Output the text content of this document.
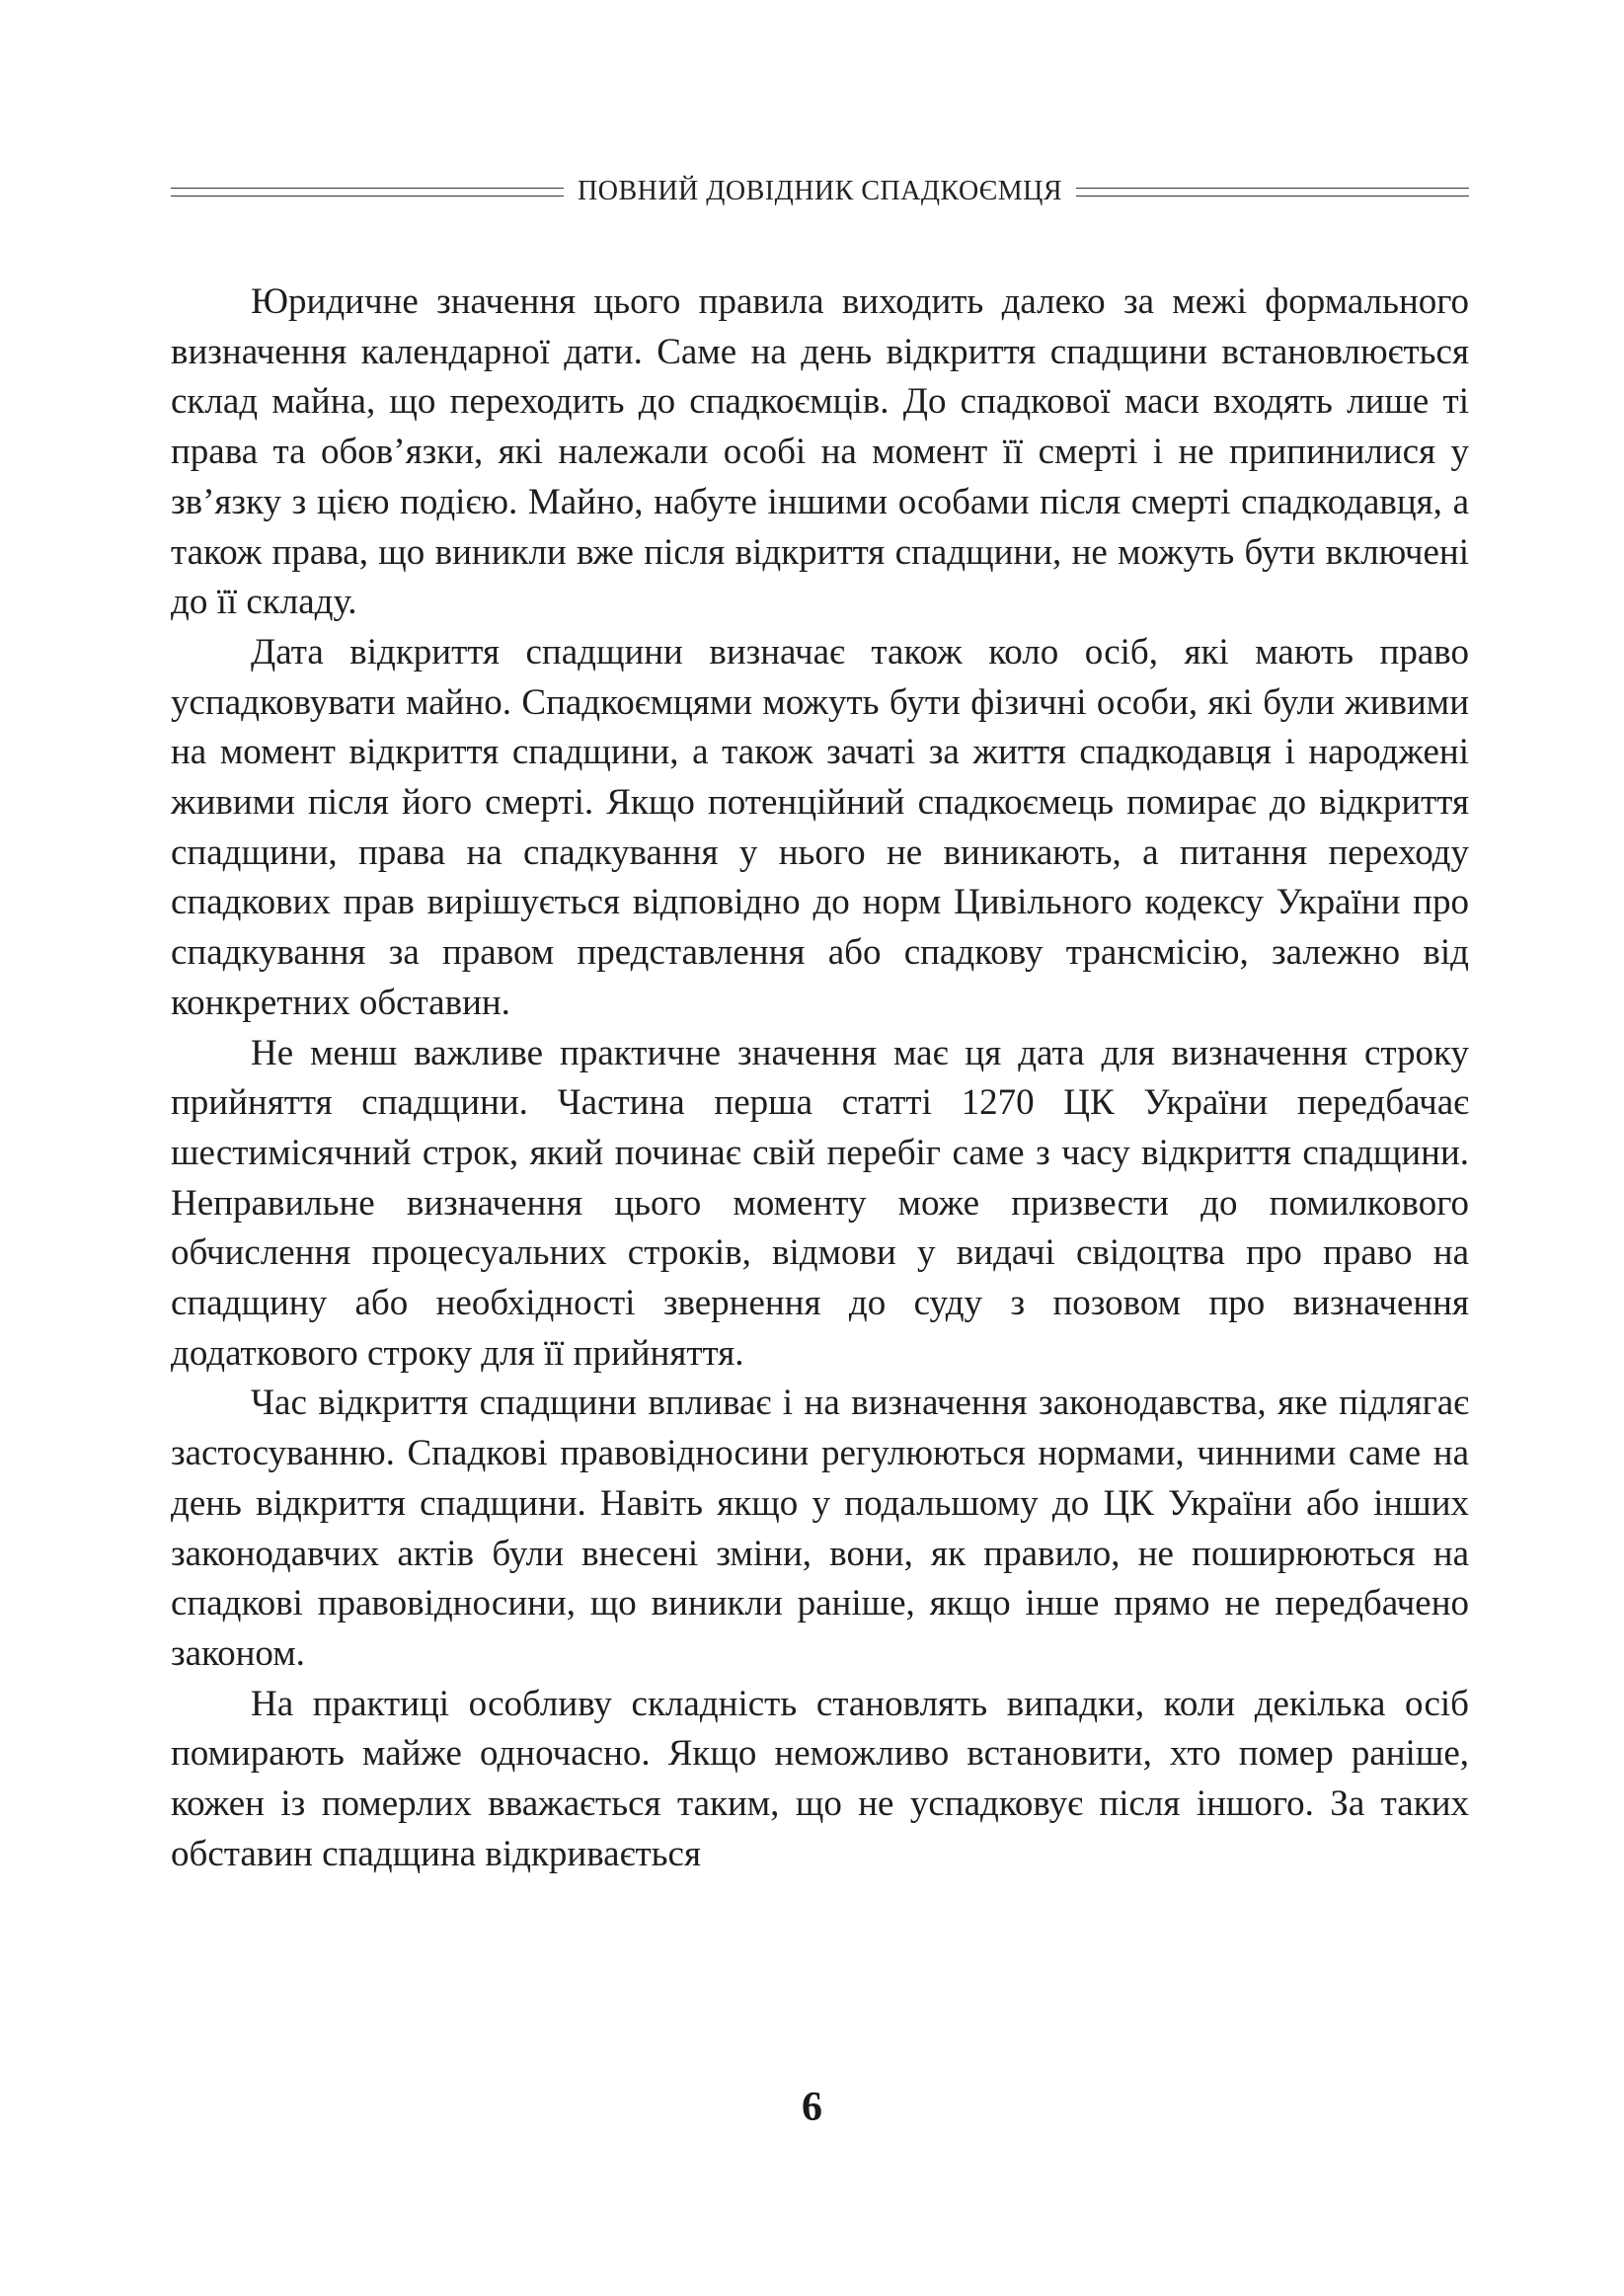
ПОВНИЙ ДОВІДНИК СПАДКОЄМЦЯ

Юридичне значення цього правила виходить далеко за межі формального визначення календарної дати. Саме на день відкриття спадщини встановлюється склад майна, що переходить до спадкоємців. До спадкової маси входять лише ті права та обов’язки, які належали особі на момент її смерті і не припинилися у зв’язку з цією подією. Майно, набуте іншими особами після смерті спадкодавця, а також права, що виникли вже після відкриття спадщини, не можуть бути включені до її складу.

Дата відкриття спадщини визначає також коло осіб, які мають право успадковувати майно. Спадкоємцями можуть бути фізичні особи, які були живими на момент відкриття спадщини, а також зачаті за життя спадкодавця і народжені живими після його смерті. Якщо потенційний спадкоємець помирає до відкриття спадщини, права на спадкування у нього не виникають, а питання переходу спадкових прав вирішується відповідно до норм Цивільного кодексу України про спадкування за правом представлення або спадкову трансмісію, залежно від конкретних обставин.

Не менш важливе практичне значення має ця дата для визначення строку прийняття спадщини. Частина перша статті 1270 ЦК України передбачає шестимісячний строк, який починає свій перебіг саме з часу відкриття спадщини. Неправильне визначення цього моменту може призвести до помилкового обчислення процесуальних строків, відмови у видачі свідоцтва про право на спадщину або необхідності звернення до суду з позовом про визначення додаткового строку для її прийняття.

Час відкриття спадщини впливає і на визначення законодавства, яке підлягає застосуванню. Спадкові правовідносини регулюються нормами, чинними саме на день відкриття спадщини. Навіть якщо у подальшому до ЦК України або інших законодавчих актів були внесені зміни, вони, як правило, не поширюються на спадкові правовідносини, що виникли раніше, якщо інше прямо не передбачено законом.

На практиці особливу складність становлять випадки, коли декілька осіб помирають майже одночасно. Якщо неможливо встановити, хто помер раніше, кожен із померлих вважається таким, що не успадковує після іншого. За таких обставин спадщина відкривається

6
